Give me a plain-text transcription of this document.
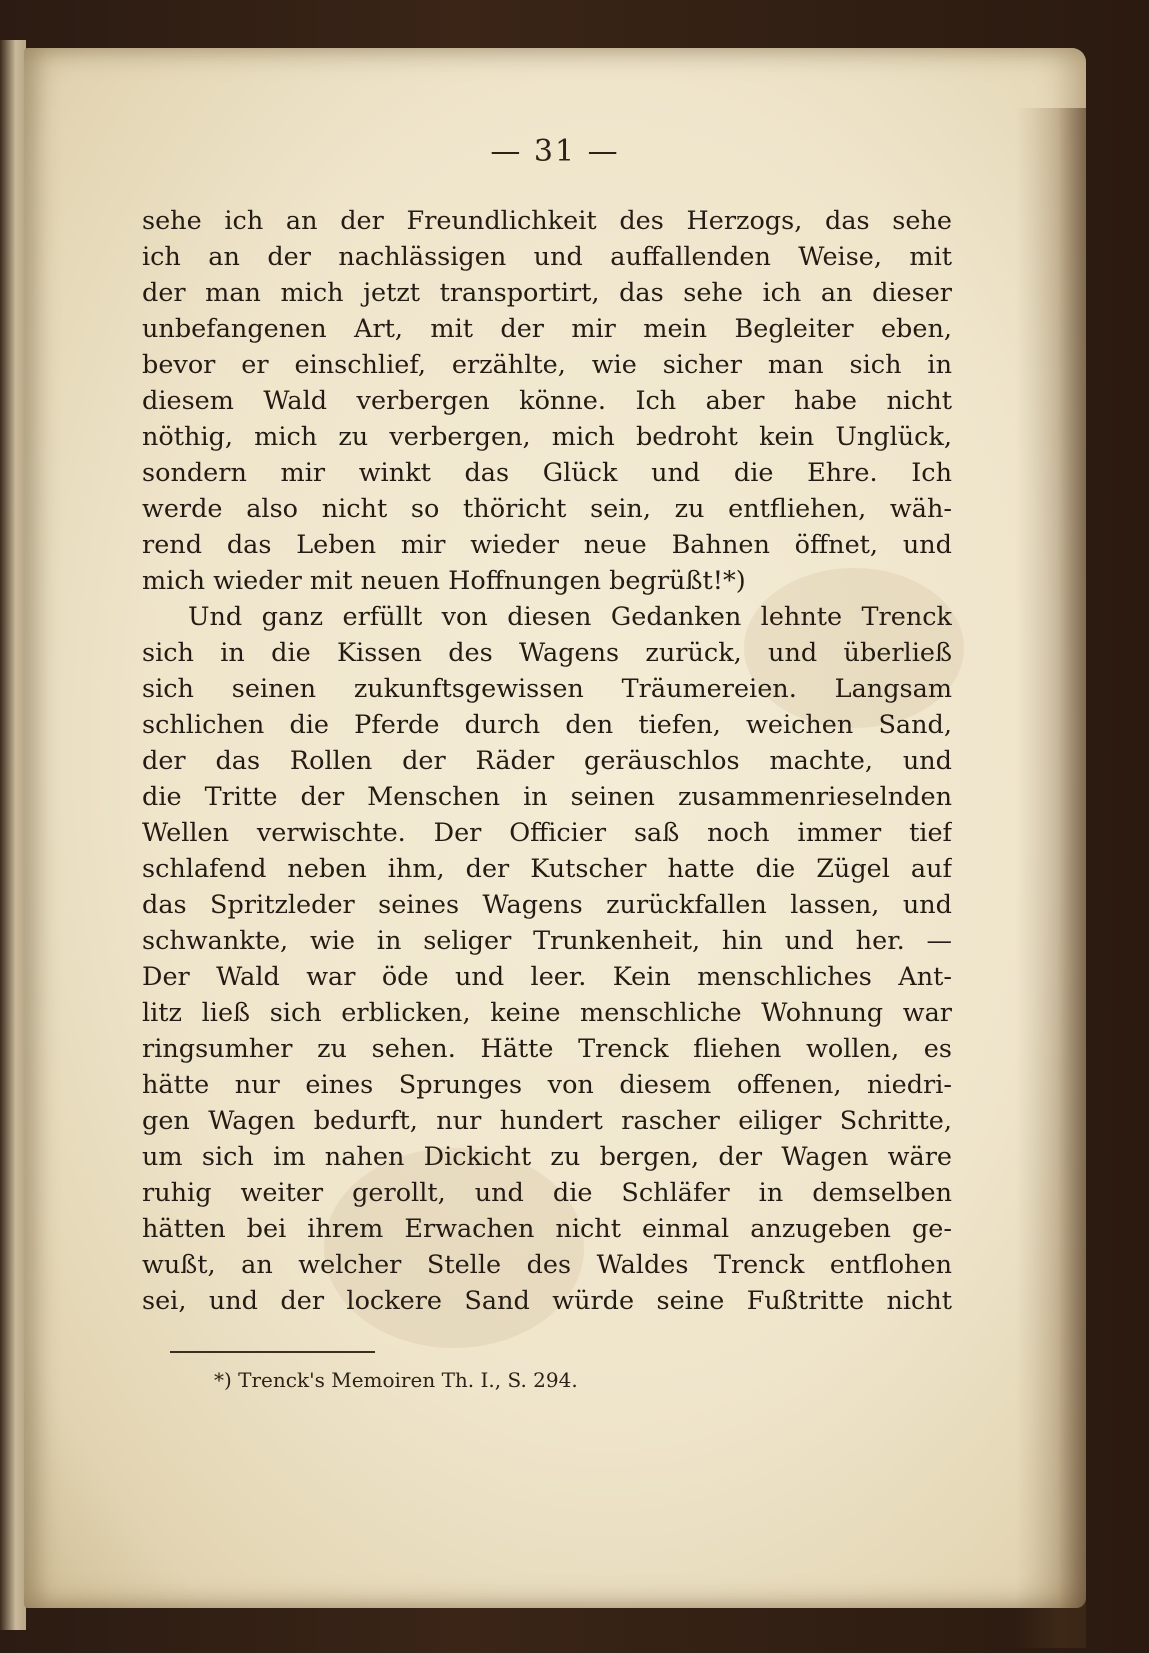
— 31 —
sehe ich an der Freundlichkeit des Herzogs, das sehe
ich an der nachlässigen und auffallenden Weise, mit
der man mich jetzt transportirt, das sehe ich an dieser
unbefangenen Art, mit der mir mein Begleiter eben,
bevor er einschlief, erzählte, wie sicher man sich in
diesem Wald verbergen könne. Ich aber habe nicht
nöthig, mich zu verbergen, mich bedroht kein Unglück,
sondern mir winkt das Glück und die Ehre. Ich
werde also nicht so thöricht sein, zu entfliehen, wäh-
rend das Leben mir wieder neue Bahnen öffnet, und
mich wieder mit neuen Hoffnungen begrüßt!*)
Und ganz erfüllt von diesen Gedanken lehnte Trenck
sich in die Kissen des Wagens zurück, und überließ
sich seinen zukunftsgewissen Träumereien. Langsam
schlichen die Pferde durch den tiefen, weichen Sand,
der das Rollen der Räder geräuschlos machte, und
die Tritte der Menschen in seinen zusammenrieselnden
Wellen verwischte. Der Officier saß noch immer tief
schlafend neben ihm, der Kutscher hatte die Zügel auf
das Spritzleder seines Wagens zurückfallen lassen, und
schwankte, wie in seliger Trunkenheit, hin und her. —
Der Wald war öde und leer. Kein menschliches Ant-
litz ließ sich erblicken, keine menschliche Wohnung war
ringsumher zu sehen. Hätte Trenck fliehen wollen, es
hätte nur eines Sprunges von diesem offenen, niedri-
gen Wagen bedurft, nur hundert rascher eiliger Schritte,
um sich im nahen Dickicht zu bergen, der Wagen wäre
ruhig weiter gerollt, und die Schläfer in demselben
hätten bei ihrem Erwachen nicht einmal anzugeben ge-
wußt, an welcher Stelle des Waldes Trenck entflohen
sei, und der lockere Sand würde seine Fußtritte nicht
*) Trenck's Memoiren Th. I., S. 294.
